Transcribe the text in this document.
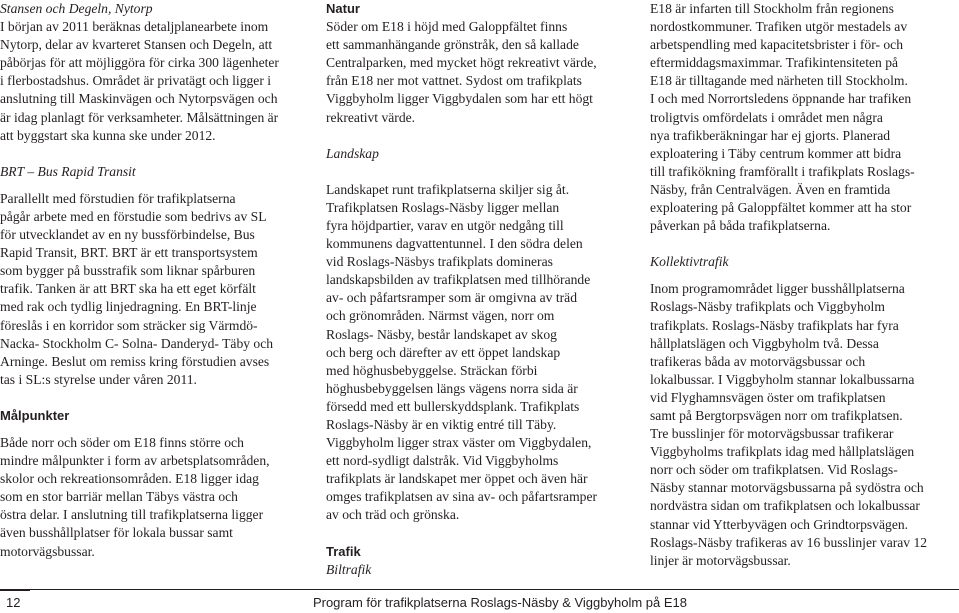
Stansen och Degeln, Nytorp
I början av 2011 beräknas detaljplanearbete inom
Nytorp, delar av kvarteret Stansen och Degeln, att
påbörjas för att möjliggöra för cirka 300 lägenheter
i flerbostadshus. Området är privatägt och ligger i
anslutning till Maskinvägen och Nytorpsvägen och
är idag planlagt för verksamheter. Målsättningen är
att byggstart ska kunna ske under 2012.
BRT – Bus Rapid Transit
Parallellt med förstudien för trafikplatserna
pågår arbete med en förstudie som bedrivs av SL
för utvecklandet av en ny bussförbindelse, Bus
Rapid Transit, BRT. BRT är ett transportsystem
som bygger på busstrafik som liknar spårburen
trafik. Tanken är att BRT ska ha ett eget körfält
med rak och tydlig linjedragning. En BRT-linje
föreslås i en korridor som sträcker sig Värmdö-
Nacka- Stockholm C- Solna- Danderyd- Täby och
Arninge. Beslut om remiss kring förstudien avses
tas i SL:s styrelse under våren 2011.
Målpunkter
Både norr och söder om E18 finns större och
mindre målpunkter i form av arbetsplatsområden,
skolor och rekreationsområden. E18 ligger idag
som en stor barriär mellan Täbys västra och
östra delar. I anslutning till trafikplatserna ligger
även busshållplatser för lokala bussar samt
motorvägsbussar.
Natur
Söder om E18 i höjd med Galoppfältet finns
ett sammanhängande grönstråk, den så kallade
Centralparken, med mycket högt rekreativt värde,
från E18 ner mot vattnet. Sydost om trafikplats
Viggbyholm ligger Viggbydalen som har ett högt
rekreativt värde.
Landskap
Landskapet runt trafikplatserna skiljer sig åt.
Trafikplatsen Roslags-Näsby ligger mellan
fyra höjdpartier, varav en utgör nedgång till
kommunens dagvattentunnel. I den södra delen
vid Roslags-Näsbys trafikplats domineras
landskapsbilden av trafikplatsen med tillhörande
av- och påfartsramper som är omgivna av träd
och grönområden. Närmst vägen, norr om
Roslags- Näsby, består landskapet av skog
och berg och därefter av ett öppet landskap
med höghusbebyggelse. Sträckan förbi
höghusbebyggelsen längs vägens norra sida är
försedd med ett bullerskyddsplank. Trafikplats
Roslags-Näsby är en viktig entré till Täby.
Viggbyholm ligger strax väster om Viggbydalen,
ett nord-sydligt dalstråk. Vid Viggbyholms
trafikplats är landskapet mer öppet och även här
omges trafikplatsen av sina av- och påfartsramper
av och träd och grönska.
Trafik
Biltrafik
E18 är infarten till Stockholm från regionens
nordostkommuner. Trafiken utgör mestadels av
arbetspendling med kapacitetsbrister i för- och
eftermiddagsmaximmar. Trafikintensiteten på
E18 är tilltagande med närheten till Stockholm.
I och med Norrortsledens öppnande har trafiken
troligtvis omfördelats i området men några
nya trafikberäkningar har ej gjorts. Planerad
exploatering i Täby centrum kommer att bidra
till trafikökning framförallt i trafikplats Roslags-
Näsby, från Centralvägen. Även en framtida
exploatering på Galoppfältet kommer att ha stor
påverkan på båda trafikplatserna.
Kollektivtrafik
Inom programområdet ligger busshållplatserna
Roslags-Näsby trafikplats och Viggbyholm
trafikplats. Roslags-Näsby trafikplats har fyra
hållplatslägen och Viggbyholm två. Dessa
trafikeras båda av motorvägsbussar och
lokalbussar. I Viggbyholm stannar lokalbussarna
vid Flyghamnsvägen öster om trafikplatsen
samt på Bergtorpsvägen norr om trafikplatsen.
Tre busslinjer för motorvägsbussar trafikerar
Viggbyholms trafikplats idag med hållplatslägen
norr och söder om trafikplatsen. Vid Roslags-
Näsby stannar motorvägsbussarna på sydöstra och
nordvästra sidan om trafikplatsen och lokalbussar
stannar vid Ytterbyvägen och Grindtorpsvägen.
Roslags-Näsby trafikeras av 16 busslinjer varav 12
linjer är motorvägsbussar.
12	Program för trafikplatserna Roslags-Näsby & Viggbyholm på E18
